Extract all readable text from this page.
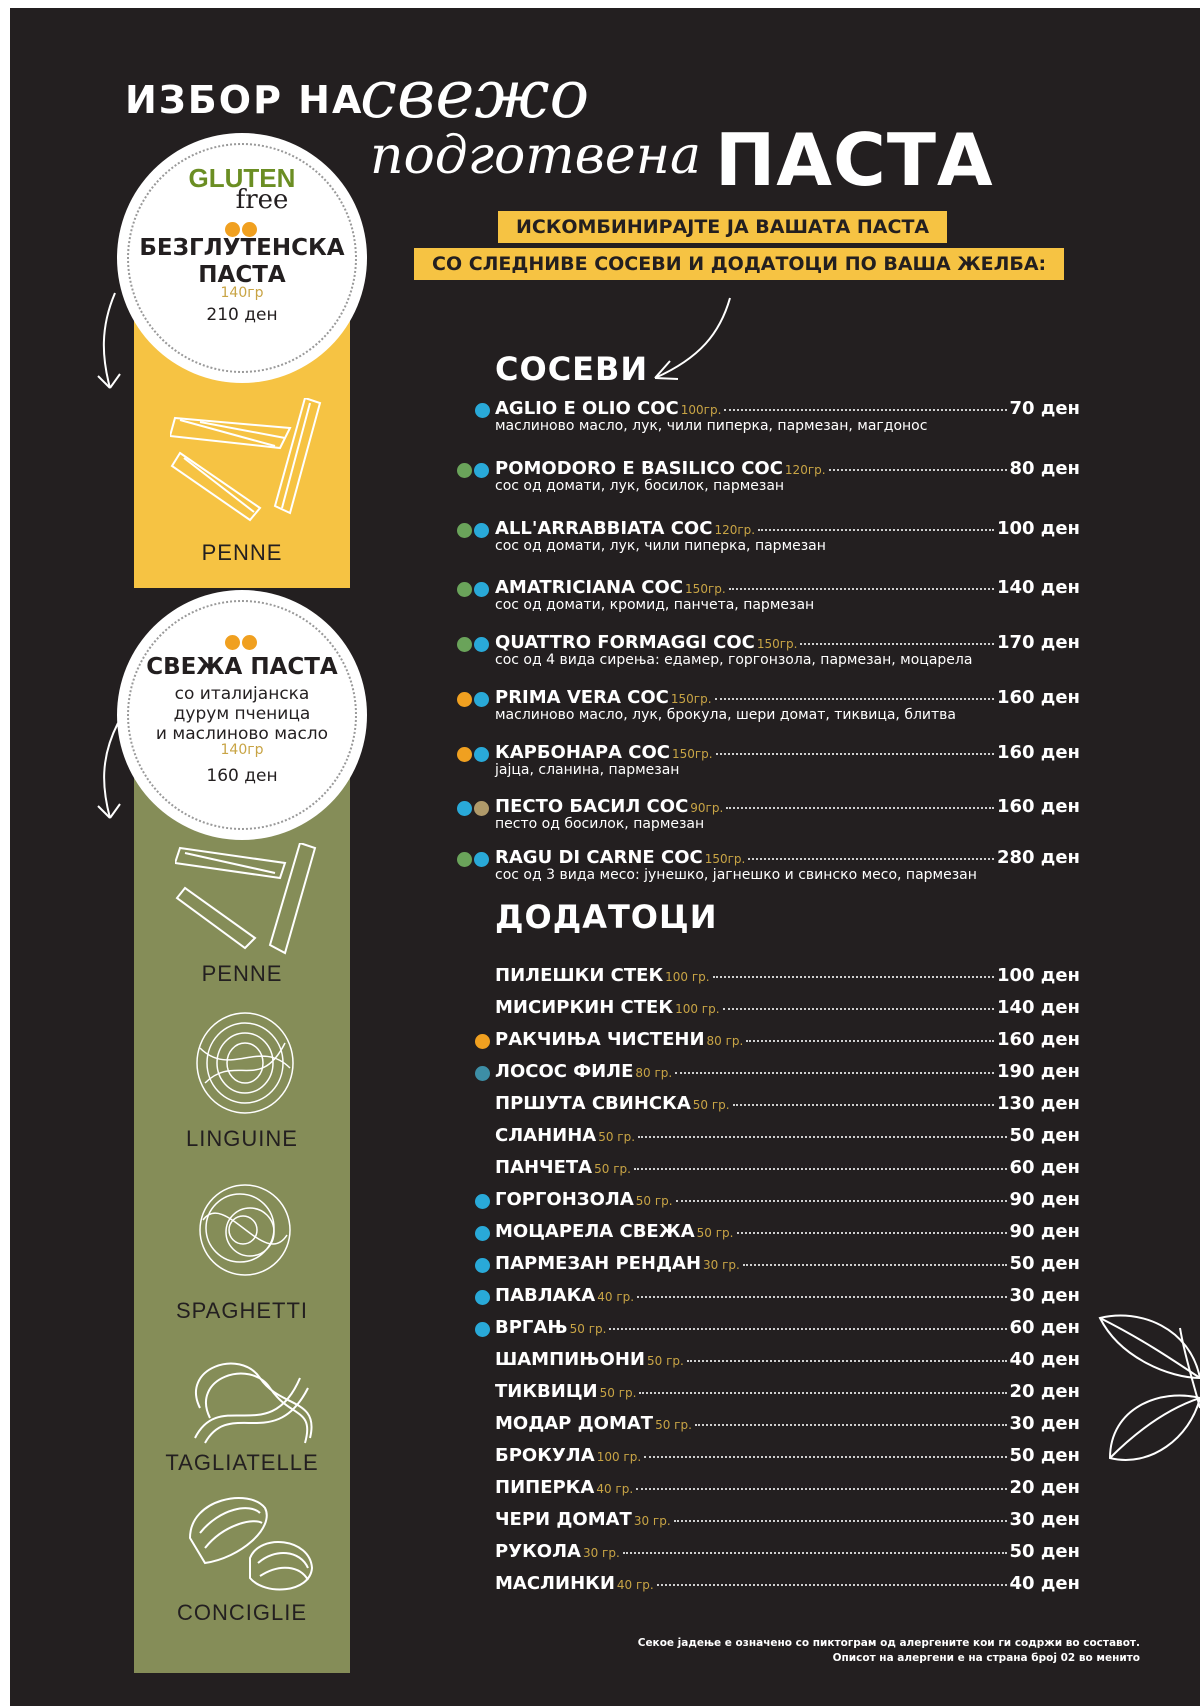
ИЗБОР НА
свежо
подготвена ПАСТА
ИСКОМБИНИРАЈТЕ ЈА ВАШАТА ПАСТА
СО СЛЕДНИВЕ СОСЕВИ И ДОДАТОЦИ ПО ВАША ЖЕЛБА:
PENNE
GLUTEN
free
БЕЗГЛУТЕНСКА ПАСТА
140гр
210 ден
PENNE
LINGUINE
SPAGHETTI
TAGLIATELLE
CONCIGLIE
СВЕЖА ПАСТА
со италијанска
дурум пченица
и маслиново масло
140гр
160 ден
СОСЕВИ
AGLIO E OLIO СОС 100гр.	70 ден
маслиново масло, лук, чили пиперка, пармезан, магдонос
POMODORO E BASILICO СОС 120гр.	80 ден
сос од домати, лук, босилок, пармезан
ALL'ARRABBIATA СОС 120гр.	100 ден
сос од домати, лук, чили пиперка, пармезан
AMATRICIANA СОС 150гр.	140 ден
сос од домати, кромид, панчета, пармезан
QUATTRO FORMAGGI СОС 150гр.	170 ден
сос од 4 вида сирења: едамер, горгонзола, пармезан, моцарела
PRIMA VERA СОС 150гр.	160 ден
маслиново масло, лук, брокула, шери домат, тиквица, блитва
КАРБОНАРА СОС 150гр.	160 ден
јајца, сланина, пармезан
ПЕСТО БАСИЛ СОС 90гр.	160 ден
песто од босилок, пармезан
RAGU DI CARNE СОС 150гр.	280 ден
сос од 3 вида месо: јунешко, јагнешко и свинско месо, пармезан
ДОДАТОЦИ
ПИЛЕШКИ СТЕК 100 гр.	100 ден
МИСИРКИН СТЕК 100 гр.	140 ден
РАКЧИЊА ЧИСТЕНИ 80 гр.	160 ден
ЛОСОС ФИЛЕ 80 гр.	190 ден
ПРШУТА СВИНСКА 50 гр.	130 ден
СЛАНИНА 50 гр.	50 ден
ПАНЧЕТА 50 гр.	60 ден
ГОРГОНЗОЛА 50 гр.	90 ден
МОЦАРЕЛА СВЕЖА 50 гр.	90 ден
ПАРМЕЗАН РЕНДАН 30 гр.	50 ден
ПАВЛАКА 40 гр.	30 ден
ВРГАЊ 50 гр.	60 ден
ШАМПИЊОНИ 50 гр.	40 ден
ТИКВИЦИ 50 гр.	20 ден
МОДАР ДОМАТ 50 гр.	30 ден
БРОКУЛА 100 гр.	50 ден
ПИПЕРКА 40 гр.	20 ден
ЧЕРИ ДОМАТ 30 гр.	30 ден
РУКОЛА 30 гр.	50 ден
МАСЛИНКИ 40 гр.	40 ден
Секое јадење е означено со пиктограм од алергените кои ги содржи во составот.
Описот на алергени е на страна број 02 во менито
